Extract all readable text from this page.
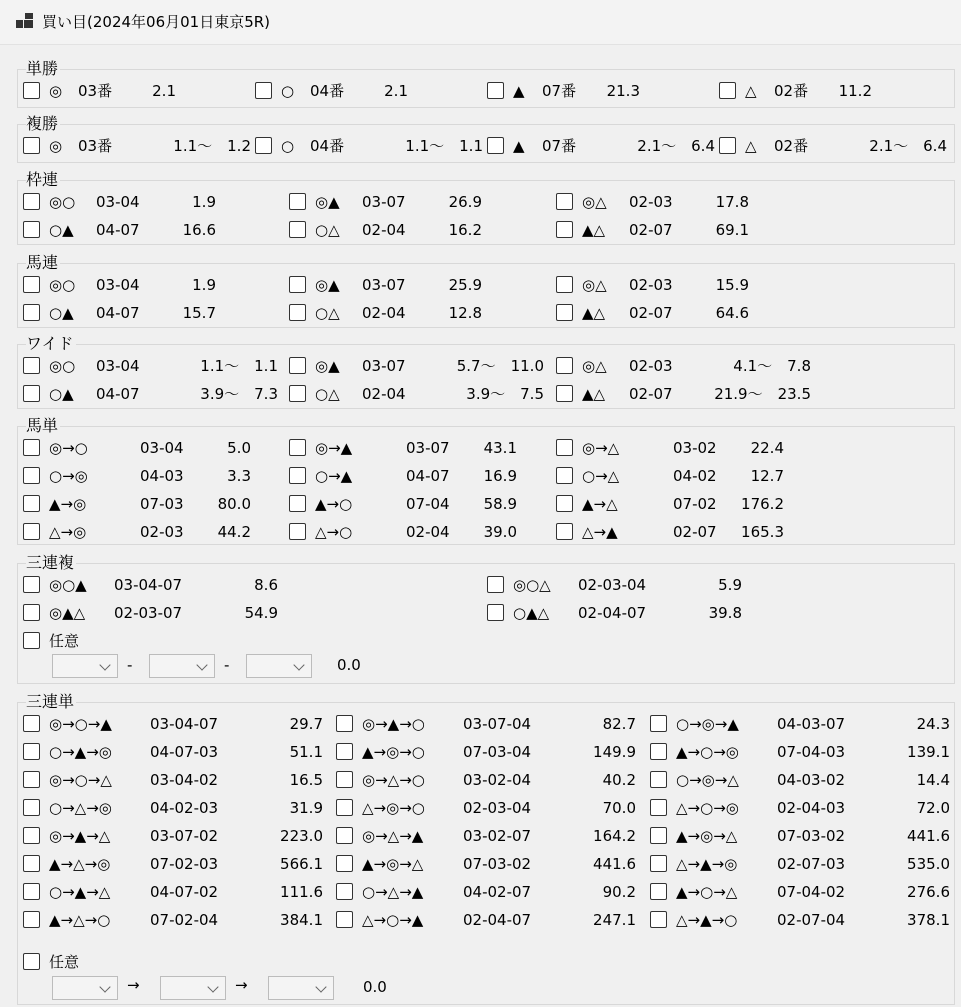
買い目(2024年06月01日東京5R)
単勝
◎ 03番	2.1	○ 04番	2.1	▲ 07番	21.3	△ 02番	11.2
複勝
◎ 03番	1.1～　1.2 ○ 04番	1.1～　1.1 ▲ 07番	2.1～　6.4 △ 02番	2.1～　6.4
枠連
◎○ 03-04	1.9	◎▲ 03-07	26.9	◎△ 02-03	17.8
○▲ 04-07	16.6	○△ 02-04	16.2	▲△ 02-07	69.1
馬連
◎○ 03-04	1.9	◎▲ 03-07	25.9	◎△ 02-03	15.9
○▲ 04-07	15.7	○△ 02-04	12.8	▲△ 02-07	64.6
ワイド
◎○ 03-04	1.1～　1.1 ◎▲ 03-07	5.7～　11.0	◎△ 02-03	4.1～　7.8
○▲ 04-07	3.9～　7.3 ○△ 02-04	3.9～　7.5	▲△ 02-07	21.9～　23.5
馬単
◎→○	03-04	5.0	◎→▲	03-07	43.1	◎→△	03-02	22.4
○→◎	04-03	3.3	○→▲	04-07	16.9	○→△	04-02	12.7
▲→◎	07-03	80.0	▲→○	07-04	58.9	▲→△	07-02	176.2
△→◎	02-03	44.2	△→○	02-04	39.0	△→▲	02-07	165.3
三連複
◎○▲ 03-04-07	8.6	◎○△ 02-03-04	5.9
◎▲△ 02-03-07	54.9	○▲△ 02-04-07	39.8
三連単
◎→○→▲	03-04-07	29.7	◎→▲→○	03-07-04	82.7	○→◎→▲	04-03-07	24.3
○→▲→◎	04-07-03	51.1	▲→◎→○	07-03-04	149.9	▲→○→◎	07-04-03	139.1
◎→○→△	03-04-02	16.5	◎→△→○	03-02-04	40.2	○→◎→△	04-03-02	14.4
○→△→◎	04-02-03	31.9	△→◎→○	02-03-04	70.0	△→○→◎	02-04-03	72.0
◎→▲→△	03-07-02	223.0	◎→△→▲	03-02-07	164.2	▲→◎→△	07-03-02	441.6
▲→△→◎	07-02-03	566.1	▲→◎→△	07-03-02	441.6	△→▲→◎	02-07-03	535.0
○→▲→△	04-07-02	111.6	○→△→▲	04-02-07	90.2	▲→○→△	07-04-02	276.6
▲→△→○	07-02-04	384.1	△→○→▲	02-04-07	247.1	△→▲→○	02-07-04	378.1
任意
-	-	0.0
任意
→	→	0.0
